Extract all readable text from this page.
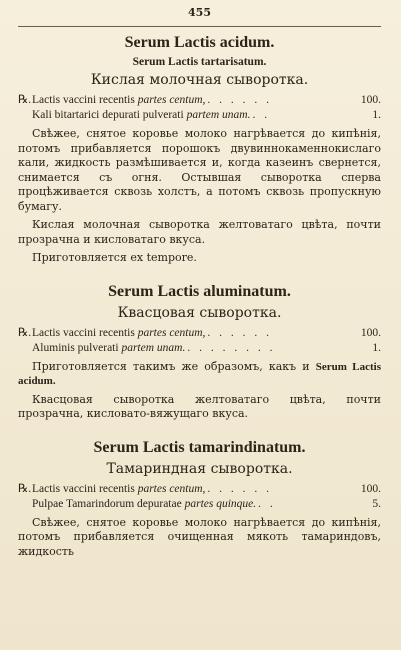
455
Serum Lactis acidum.
Serum Lactis tartarisatum.
Кислая молочная сыворотка.
℞. Lactis vaccini recentis partes centum, . . . . . .	100.
Kali bitartarici depurati pulverati partem unam. . .	1.

Свѣжее, снятое коровье молоко нагрѣвается до кипѣнія, потомъ прибавляется порошокъ двувиннокаменнокислаго кали, жидкость размѣшивается и, когда казеинъ свернется, снимается съ огня. Остывшая сыворотка сперва процѣживается сквозь холстъ, а потомъ сквозь пропускную бумагу.

Кислая молочная сыворотка желтоватаго цвѣта, почти прозрачна и кисловатаго вкуса.

Приготовляется ex tempore.

Serum Lactis aluminatum.
Квасцовая сыворотка.
℞. Lactis vaccini recentis partes centum, . . . . . .	100.
Aluminis pulverati partem unam. . . . . . . . .	1.

Приготовляется такимъ же образомъ, какъ и Serum Lactis acidum.

Квасцовая сыворотка желтоватаго цвѣта, почти прозрачна, кисловато-вяжущаго вкуса.

Serum Lactis tamarindinatum.
Тамариндная сыворотка.
℞. Lactis vaccini recentis partes centum, . . . . . .	100.
Pulpae Tamarindorum depuratae partes quinque. . .	5.

Свѣжее, снятое коровье молоко нагрѣвается до кипѣнія, потомъ прибавляется очищенная мякоть тамариндовъ, жидкость
